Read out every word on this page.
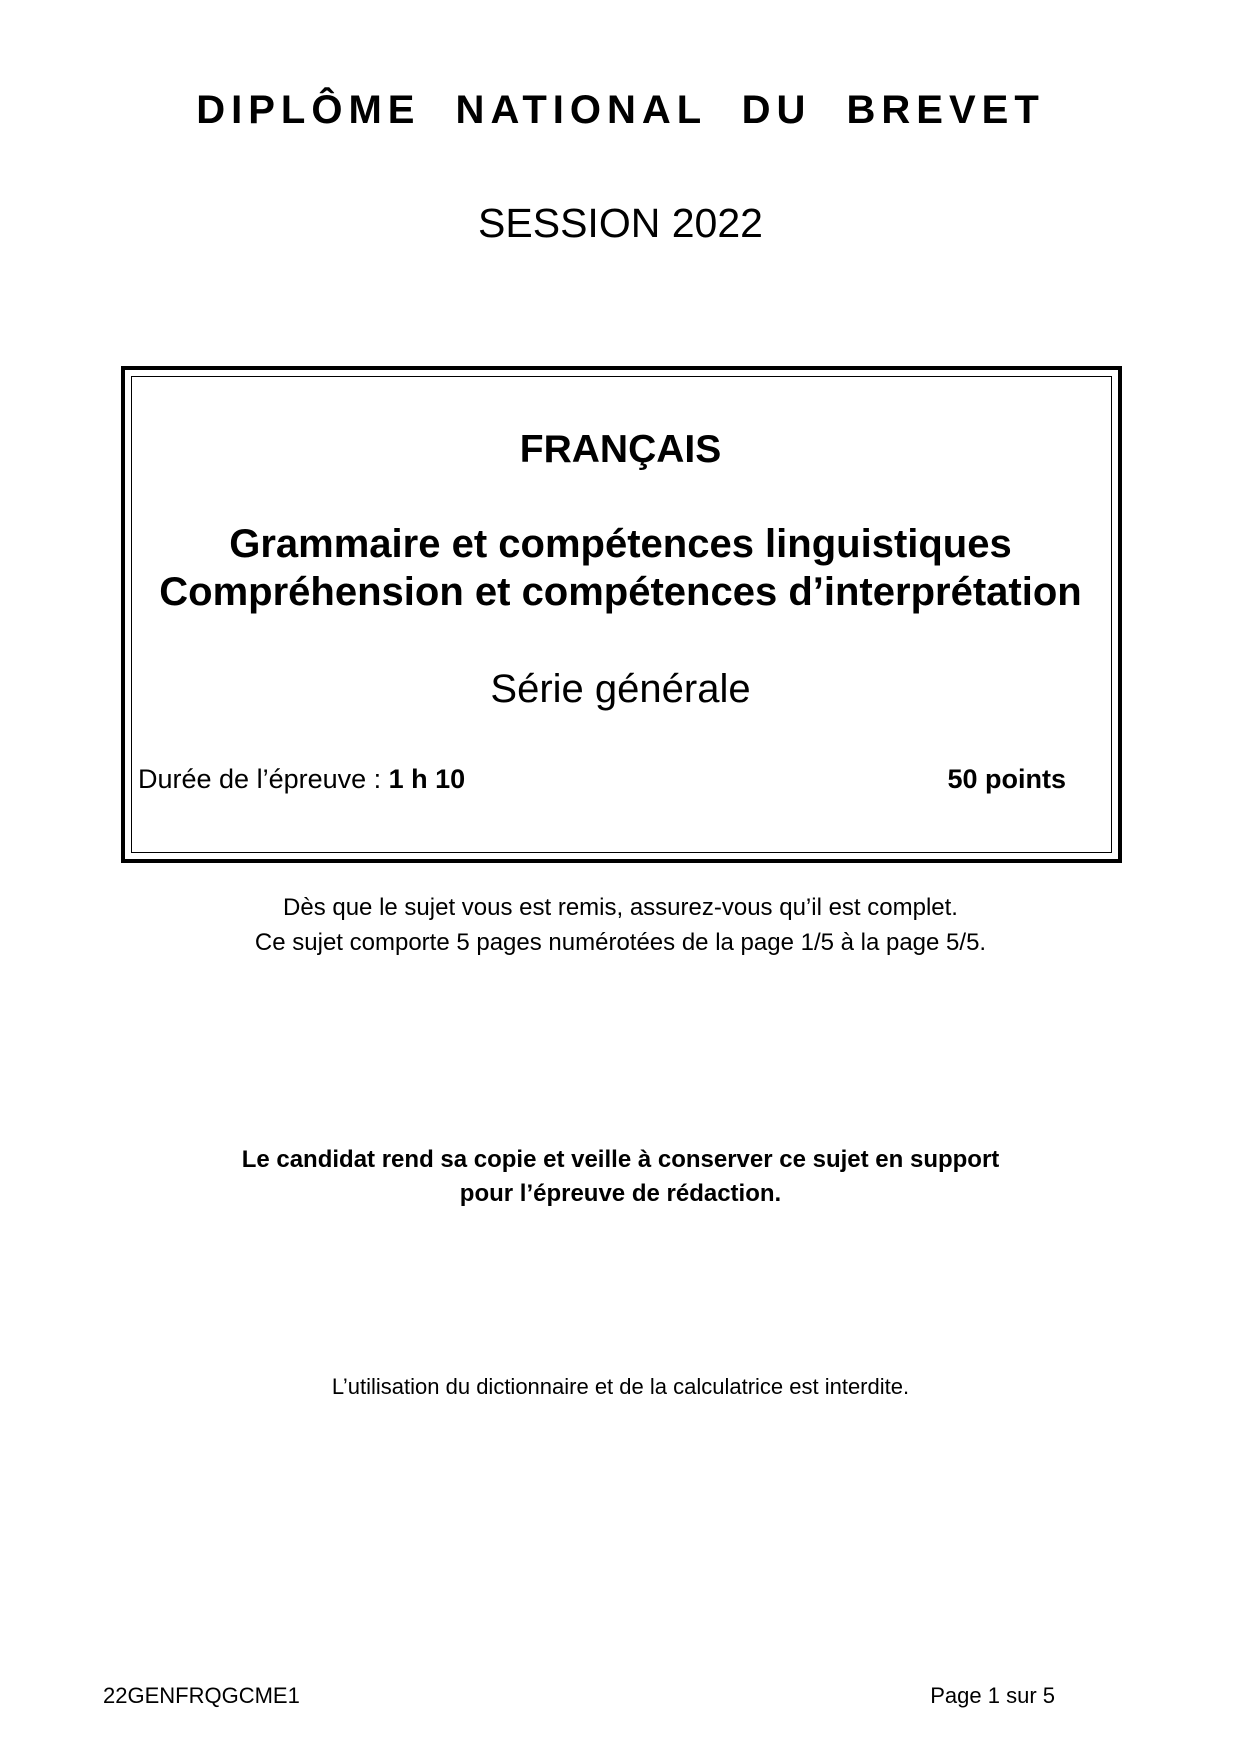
DIPLÔME NATIONAL DU BREVET
SESSION 2022
FRANÇAIS
Grammaire et compétences linguistiques
Compréhension et compétences d’interprétation
Série générale
Durée de l’épreuve : 1 h 10	50 points
Dès que le sujet vous est remis, assurez-vous qu’il est complet.
Ce sujet comporte 5 pages numérotées de la page 1/5 à la page 5/5.
Le candidat rend sa copie et veille à conserver ce sujet en support
pour l’épreuve de rédaction.
L’utilisation du dictionnaire et de la calculatrice est interdite.
22GENFRQGCME1	Page 1 sur 5
